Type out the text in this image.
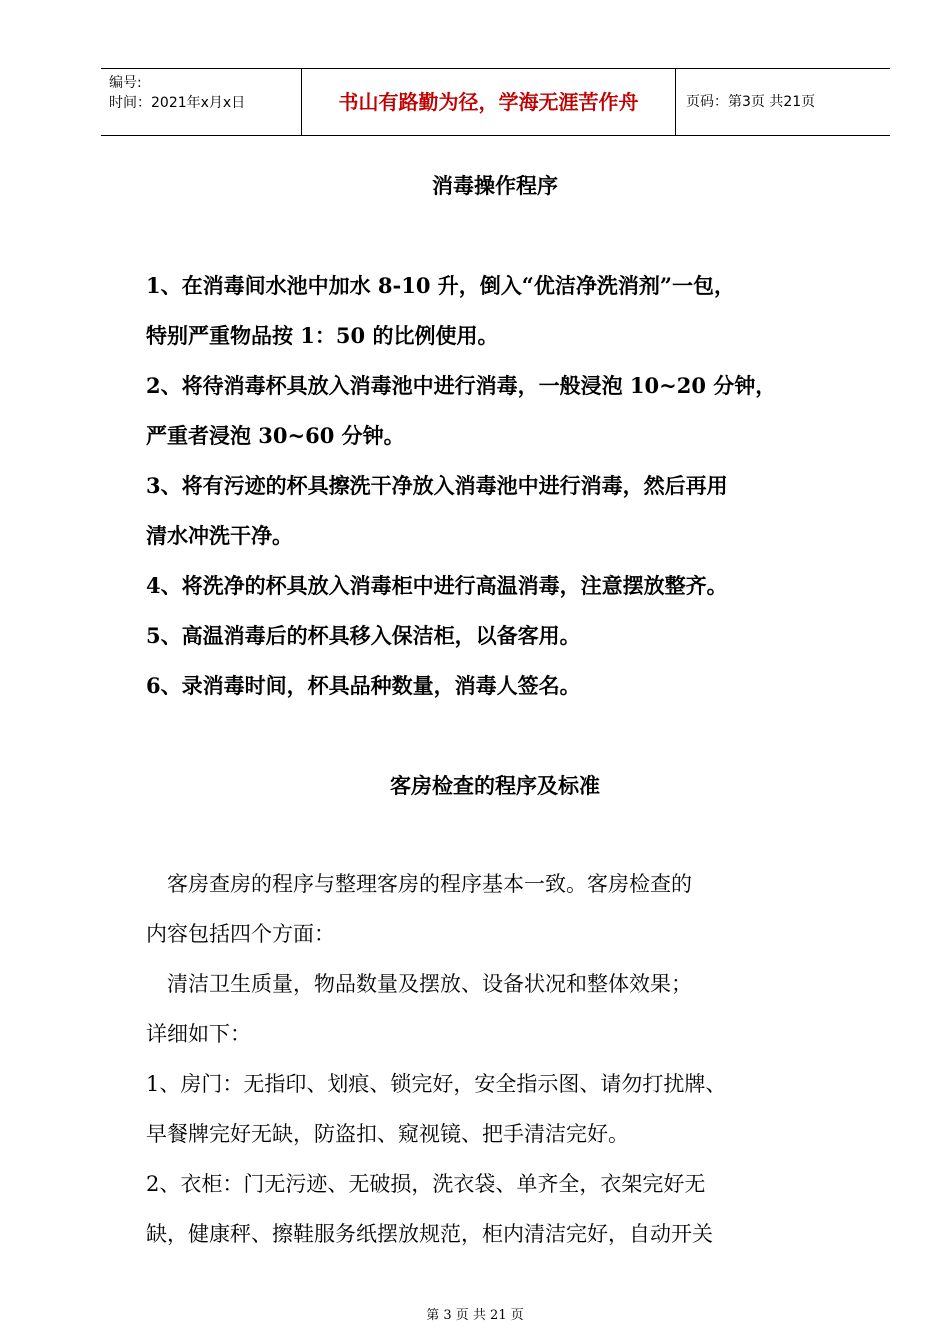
编号:
时间：2021年x月x日	书山有路勤为径，学海无涯苦作舟	页码：第3页 共21页
消毒操作程序
1、在消毒间水池中加水 8-10 升，倒入“优洁净洗消剂”一包，
特别严重物品按 1：50 的比例使用。
2、将待消毒杯具放入消毒池中进行消毒，一般浸泡 10~20 分钟，
严重者浸泡 30~60 分钟。
3、将有污迹的杯具擦洗干净放入消毒池中进行消毒，然后再用
清水冲洗干净。
4、将洗净的杯具放入消毒柜中进行高温消毒，注意摆放整齐。
5、高温消毒后的杯具移入保洁柜，以备客用。
6、录消毒时间，杯具品种数量，消毒人签名。
客房检查的程序及标准
　客房查房的程序与整理客房的程序基本一致。客房检查的
内容包括四个方面：
　清洁卫生质量，物品数量及摆放、设备状况和整体效果；
详细如下：
1、房门：无指印、划痕、锁完好，安全指示图、请勿打扰牌、
早餐牌完好无缺，防盗扣、窥视镜、把手清洁完好。
2、衣柜：门无污迹、无破损，洗衣袋、单齐全，衣架完好无
缺，健康秤、擦鞋服务纸摆放规范，柜内清洁完好，自动开关
第 3 页 共 21 页
